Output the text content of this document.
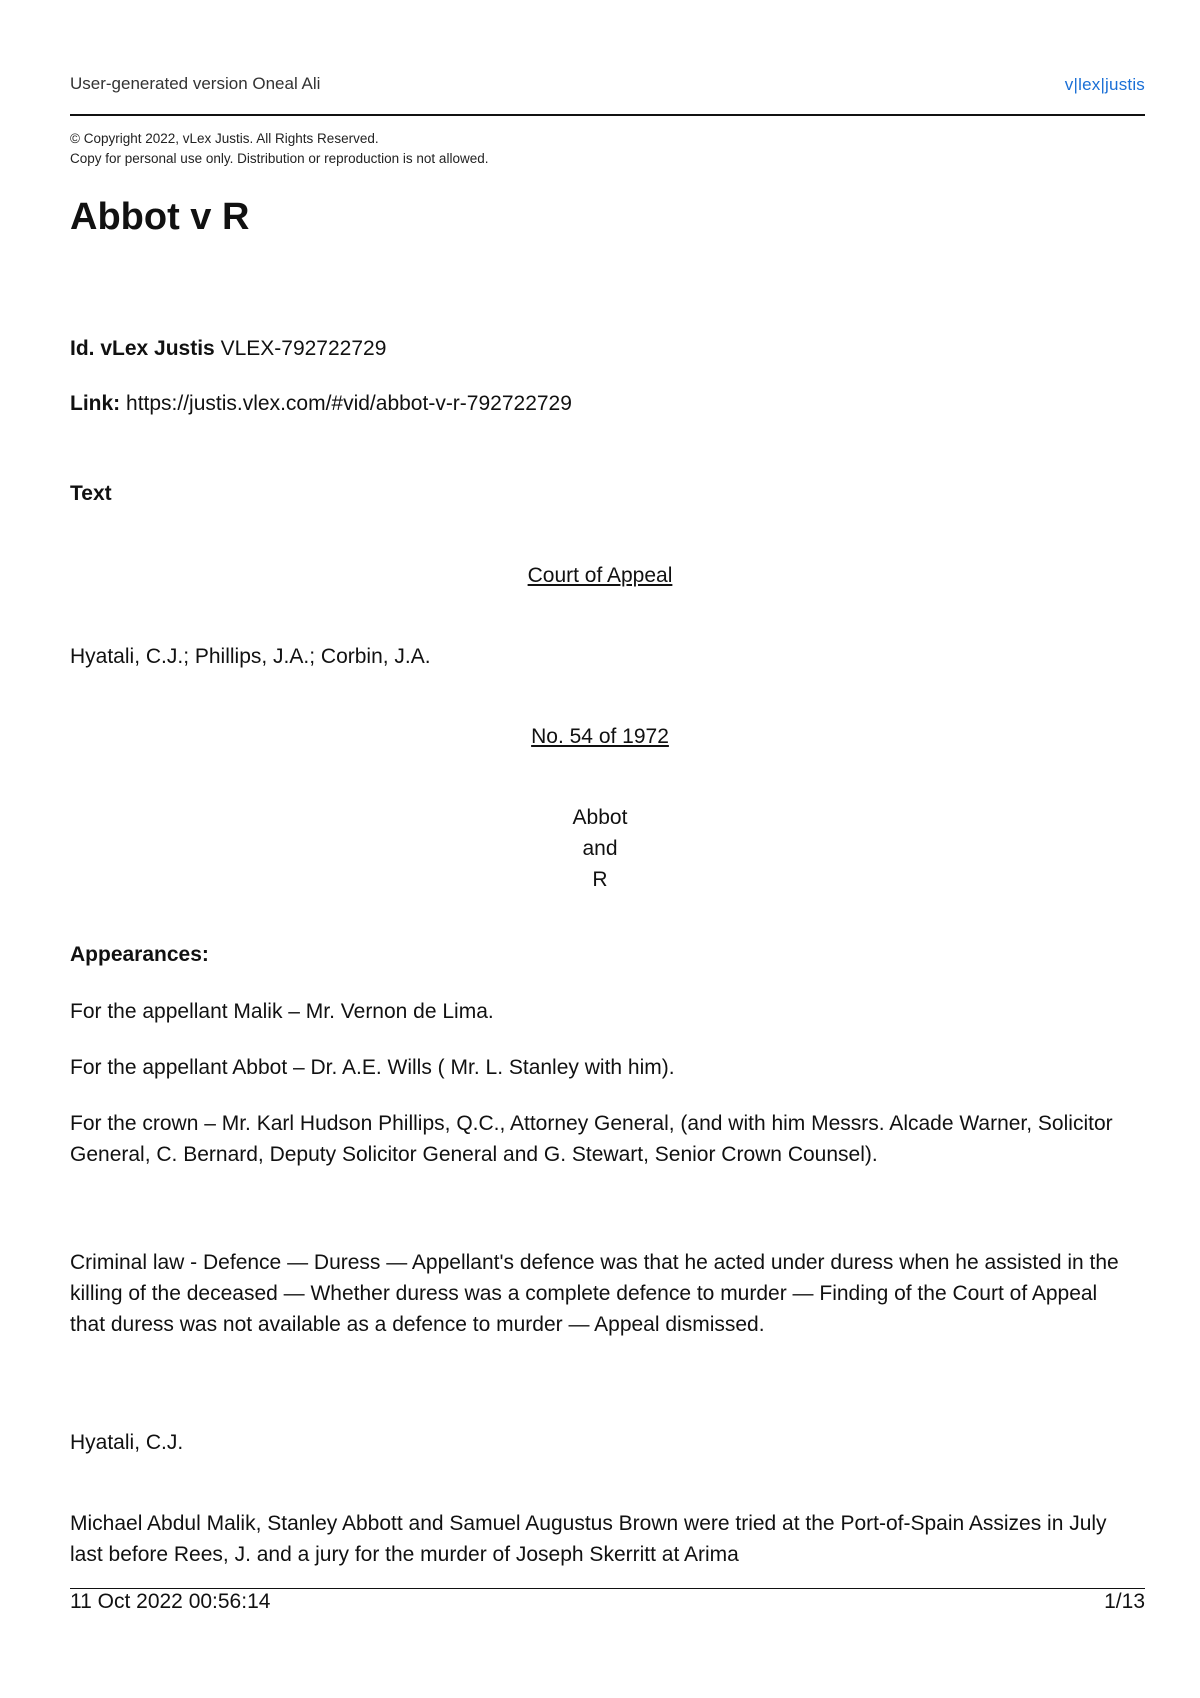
User-generated version Oneal Ali	v|lex|justis
© Copyright 2022, vLex Justis. All Rights Reserved.
Copy for personal use only. Distribution or reproduction is not allowed.
Abbot v R
Id. vLex Justis VLEX-792722729
Link: https://justis.vlex.com/#vid/abbot-v-r-792722729
Text
Court of Appeal
Hyatali, C.J.; Phillips, J.A.; Corbin, J.A.
No. 54 of 1972
Abbot
and
R
Appearances:
For the appellant Malik – Mr. Vernon de Lima.
For the appellant Abbot – Dr. A.E. Wills ( Mr. L. Stanley with him).
For the crown – Mr. Karl Hudson Phillips, Q.C., Attorney General, (and with him Messrs. Alcade Warner, Solicitor General, C. Bernard, Deputy Solicitor General and G. Stewart, Senior Crown Counsel).
Criminal law - Defence — Duress — Appellant's defence was that he acted under duress when he assisted in the killing of the deceased — Whether duress was a complete defence to murder — Finding of the Court of Appeal that duress was not available as a defence to murder — Appeal dismissed.
Hyatali, C.J.
Michael Abdul Malik, Stanley Abbott and Samuel Augustus Brown were tried at the Port-of-Spain Assizes in July last before Rees, J. and a jury for the murder of Joseph Skerritt at Arima
11 Oct 2022 00:56:14	1/13
